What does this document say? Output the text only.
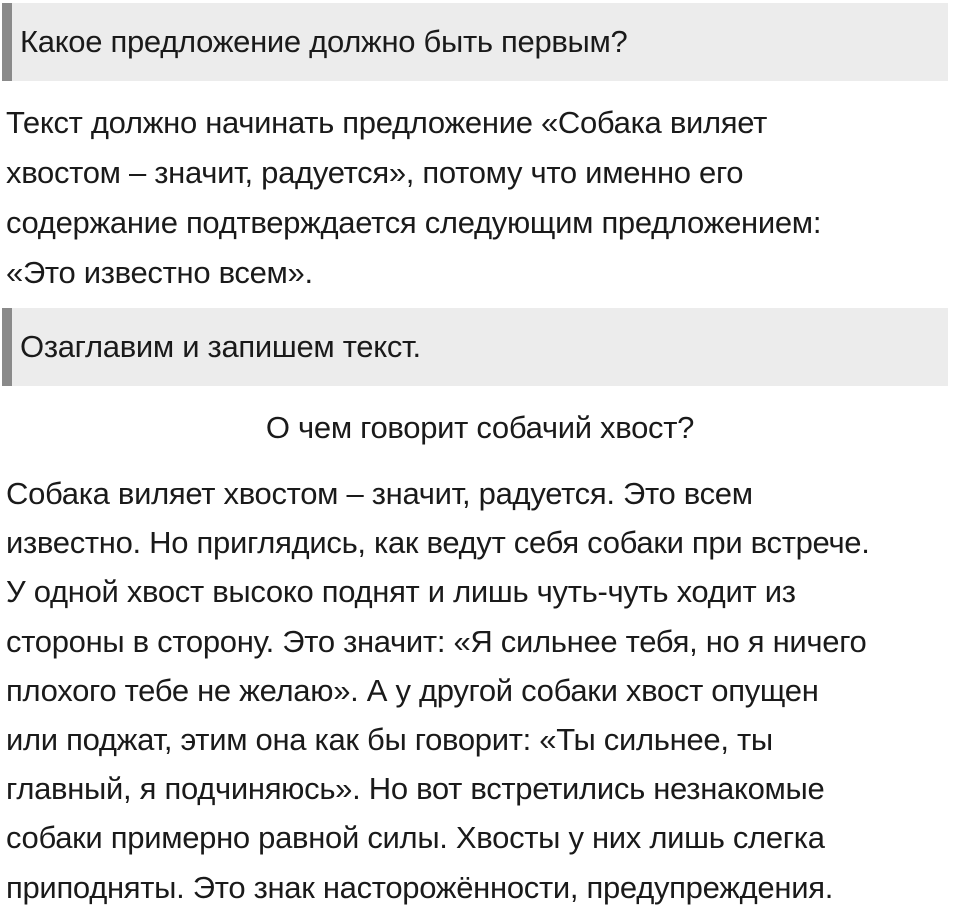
Какое предложение должно быть первым?

Текст должно начинать предложение «Собака виляет
хвостом – значит, радуется», потому что именно его
содержание подтверждается следующим предложением:
«Это известно всем».

Озаглавим и запишем текст.
О чем говорит собачий хвост?

Собака виляет хвостом – значит, радуется. Это всем
известно. Но приглядись, как ведут себя собаки при встрече.
У одной хвост высоко поднят и лишь чуть-чуть ходит из
стороны в сторону. Это значит: «Я сильнее тебя, но я ничего
плохого тебе не желаю». А у другой собаки хвост опущен
или поджат, этим она как бы говорит: «Ты сильнее, ты
главный, я подчиняюсь». Но вот встретились незнакомые
собаки примерно равной силы. Хвосты у них лишь слегка
приподняты. Это знак насторожённости, предупреждения.
